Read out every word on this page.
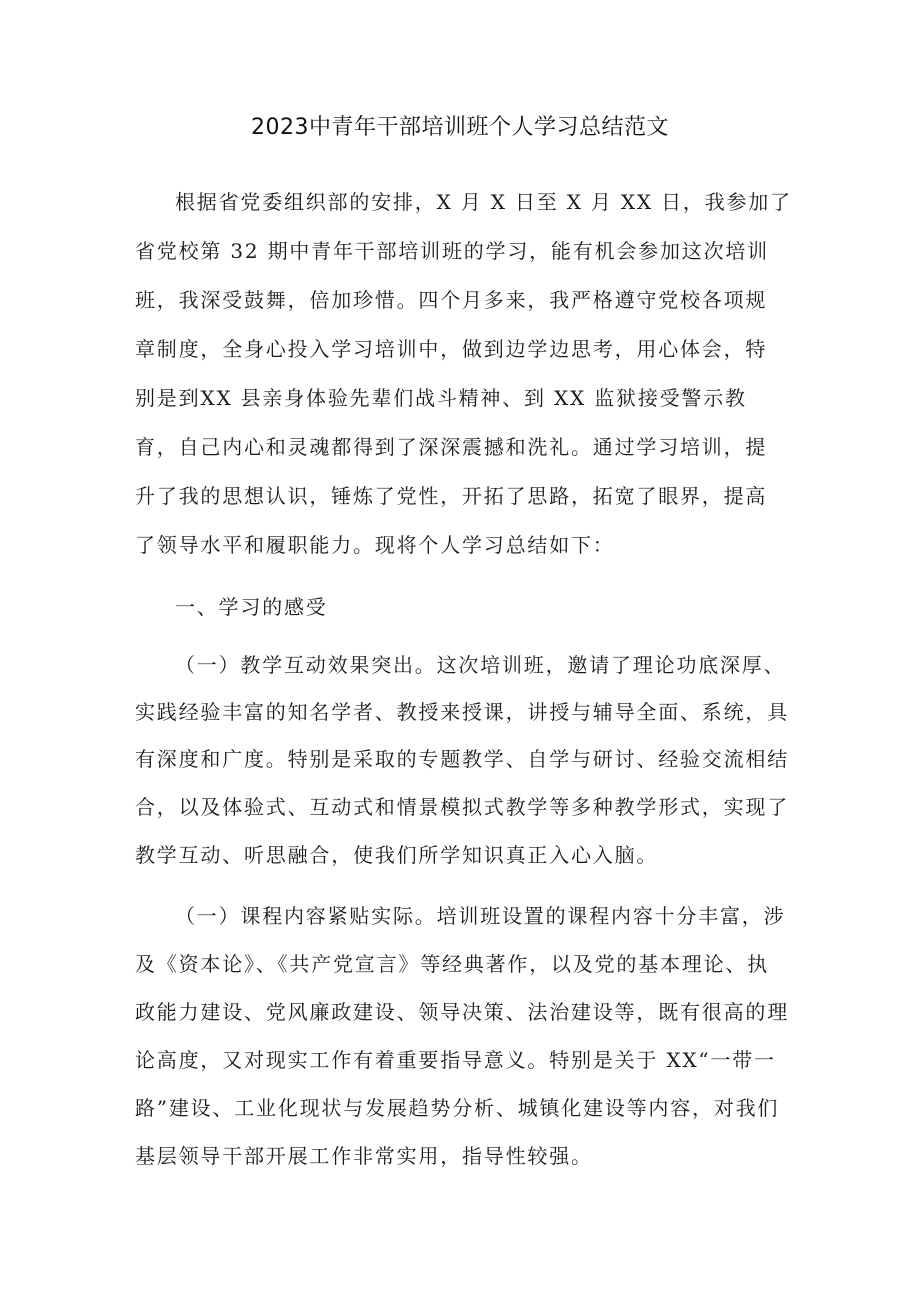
2023中青年干部培训班个人学习总结范文

根据省党委组织部的安排，X 月 X 日至 X 月 XX 日，我参加了

省党校第 32 期中青年干部培训班的学习，能有机会参加这次培训

班，我深受鼓舞，倍加珍惜。四个月多来，我严格遵守党校各项规

章制度，全身心投入学习培训中，做到边学边思考，用心体会，特

别是到XX 县亲身体验先辈们战斗精神、到 XX 监狱接受警示教

育，自己内心和灵魂都得到了深深震撼和洗礼。通过学习培训，提

升了我的思想认识，锤炼了党性，开拓了思路，拓宽了眼界，提高

了领导水平和履职能力。现将个人学习总结如下：

一、学习的感受

（一）教学互动效果突出。这次培训班，邀请了理论功底深厚、

实践经验丰富的知名学者、教授来授课，讲授与辅导全面、系统，具

有深度和广度。特别是采取的专题教学、自学与研讨、经验交流相结

合，以及体验式、互动式和情景模拟式教学等多种教学形式，实现了

教学互动、听思融合，使我们所学知识真正入心入脑。

（一）课程内容紧贴实际。培训班设置的课程内容十分丰富，涉

及《资本论》、《共产党宣言》等经典著作，以及党的基本理论、执

政能力建设、党风廉政建设、领导决策、法治建设等，既有很高的理

论高度，又对现实工作有着重要指导意义。特别是关于 XX“一带一

路”建设、工业化现状与发展趋势分析、城镇化建设等内容，对我们

基层领导干部开展工作非常实用，指导性较强。
